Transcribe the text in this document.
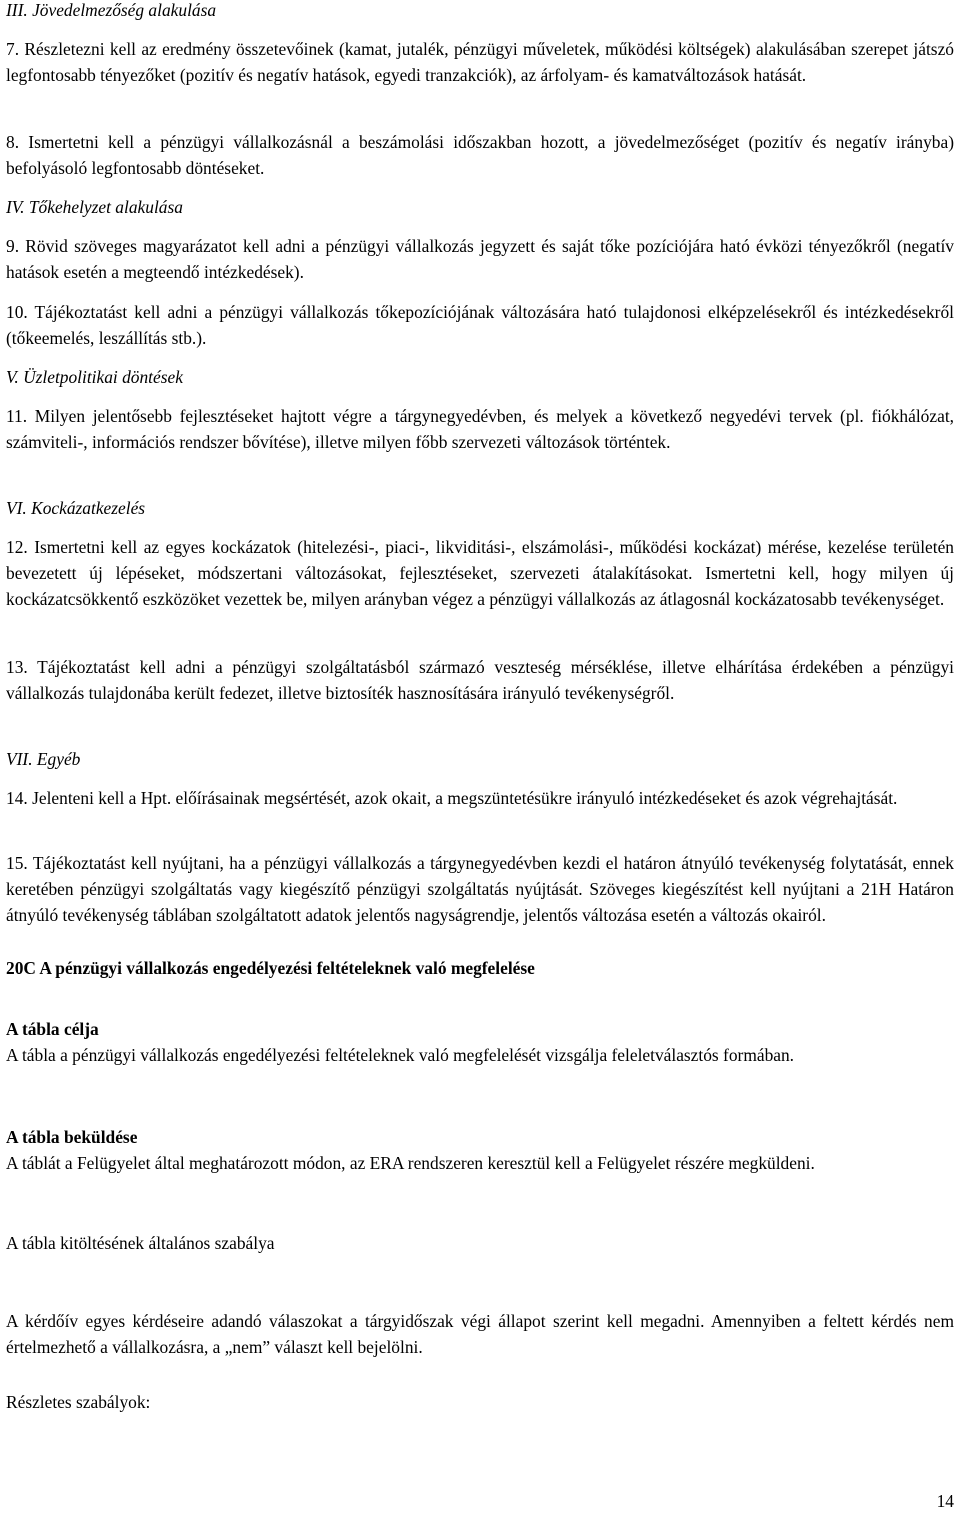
III. Jövedelmezőség alakulása

7. Részletezni kell az eredmény összetevőinek (kamat, jutalék, pénzügyi műveletek, működési költségek) alakulásában szerepet játszó legfontosabb tényezőket (pozitív és negatív hatások, egyedi tranzakciók), az árfolyam- és kamatváltozások hatását.

8. Ismertetni kell a pénzügyi vállalkozásnál a beszámolási időszakban hozott, a jövedelmezőséget (pozitív és negatív irányba) befolyásoló legfontosabb döntéseket.

IV. Tőkehelyzet alakulása

9. Rövid szöveges magyarázatot kell adni a pénzügyi vállalkozás jegyzett és saját tőke pozíciójára ható évközi tényezőkről (negatív hatások esetén a megteendő intézkedések).

10. Tájékoztatást kell adni a pénzügyi vállalkozás tőkepozíciójának változására ható tulajdonosi elképzelésekről és intézkedésekről (tőkeemelés, leszállítás stb.).

V. Üzletpolitikai döntések

11. Milyen jelentősebb fejlesztéseket hajtott végre a tárgynegyedévben, és melyek a következő negyedévi tervek (pl. fiókhálózat, számviteli-, információs rendszer bővítése), illetve milyen főbb szervezeti változások történtek.

VI. Kockázatkezelés

12. Ismertetni kell az egyes kockázatok (hitelezési-, piaci-, likviditási-, elszámolási-, működési kockázat) mérése, kezelése területén bevezetett új lépéseket, módszertani változásokat, fejlesztéseket, szervezeti átalakításokat. Ismertetni kell, hogy milyen új kockázatcsökkentő eszközöket vezettek be, milyen arányban végez a pénzügyi vállalkozás az átlagosnál kockázatosabb tevékenységet.

13. Tájékoztatást kell adni a pénzügyi szolgáltatásból származó veszteség mérséklése, illetve elhárítása érdekében a pénzügyi vállalkozás tulajdonába került fedezet, illetve biztosíték hasznosítására irányuló tevékenységről.

VII. Egyéb

14. Jelenteni kell a Hpt. előírásainak megsértését, azok okait, a megszüntetésükre irányuló intézkedéseket és azok végrehajtását.

15. Tájékoztatást kell nyújtani, ha a pénzügyi vállalkozás a tárgynegyedévben kezdi el határon átnyúló tevékenység folytatását, ennek keretében pénzügyi szolgáltatás vagy kiegészítő pénzügyi szolgáltatás nyújtását. Szöveges kiegészítést kell nyújtani a 21H Határon átnyúló tevékenység táblában szolgáltatott adatok jelentős nagyságrendje, jelentős változása esetén a változás okairól.

20C A pénzügyi vállalkozás engedélyezési feltételeknek való megfelelése

A tábla célja

A tábla a pénzügyi vállalkozás engedélyezési feltételeknek való megfelelését vizsgálja feleletválasztós formában.

A tábla beküldése

A táblát a Felügyelet által meghatározott módon, az ERA rendszeren keresztül kell a Felügyelet részére megküldeni.

A tábla kitöltésének általános szabálya

A kérdőív egyes kérdéseire adandó válaszokat a tárgyidőszak végi állapot szerint kell megadni. Amennyiben a feltett kérdés nem értelmezhető a vállalkozásra, a „nem” választ kell bejelölni.

Részletes szabályok:

14
